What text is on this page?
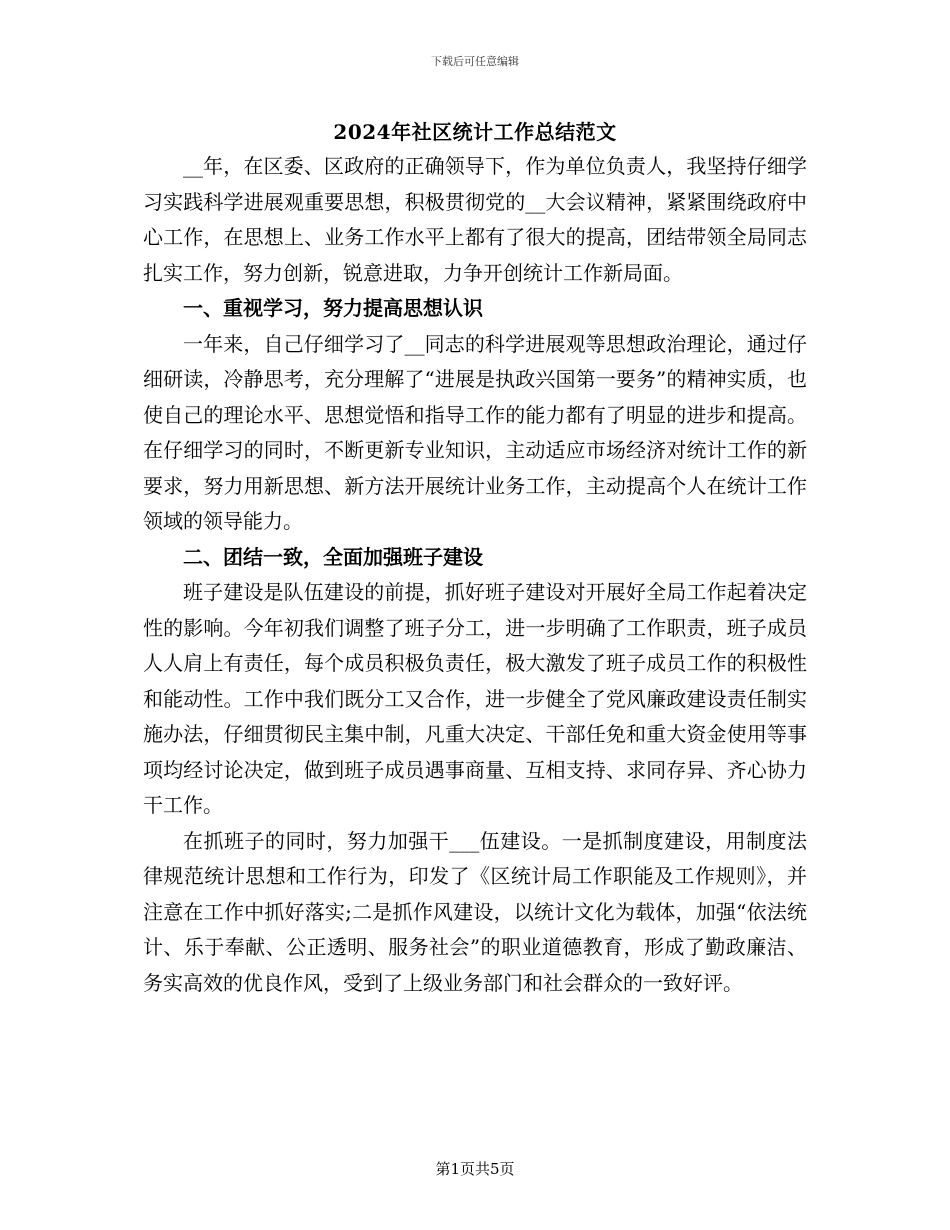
下载后可任意编辑
2024年社区统计工作总结范文

__年，在区委、区政府的正确领导下，作为单位负责人，我坚持仔细学习实践科学进展观重要思想，积极贯彻党的__大会议精神，紧紧围绕政府中心工作，在思想上、业务工作水平上都有了很大的提高，团结带领全局同志扎实工作，努力创新，锐意进取，力争开创统计工作新局面。

一、重视学习，努力提高思想认识

一年来，自己仔细学习了__同志的科学进展观等思想政治理论，通过仔细研读，冷静思考，充分理解了“进展是执政兴国第一要务”的精神实质，也使自己的理论水平、思想觉悟和指导工作的能力都有了明显的进步和提高。在仔细学习的同时，不断更新专业知识，主动适应市场经济对统计工作的新要求，努力用新思想、新方法开展统计业务工作，主动提高个人在统计工作领域的领导能力。

二、团结一致，全面加强班子建设

班子建设是队伍建设的前提，抓好班子建设对开展好全局工作起着决定性的影响。今年初我们调整了班子分工，进一步明确了工作职责，班子成员人人肩上有责任，每个成员积极负责任，极大激发了班子成员工作的积极性和能动性。工作中我们既分工又合作，进一步健全了党风廉政建设责任制实施办法，仔细贯彻民主集中制，凡重大决定、干部任免和重大资金使用等事项均经讨论决定，做到班子成员遇事商量、互相支持、求同存异、齐心协力干工作。

在抓班子的同时，努力加强干___伍建设。一是抓制度建设，用制度法律规范统计思想和工作行为，印发了《区统计局工作职能及工作规则》，并注意在工作中抓好落实;二是抓作风建设，以统计文化为载体，加强“依法统计、乐于奉献、公正透明、服务社会”的职业道德教育，形成了勤政廉洁、务实高效的优良作风，受到了上级业务部门和社会群众的一致好评。

第1页共5页
